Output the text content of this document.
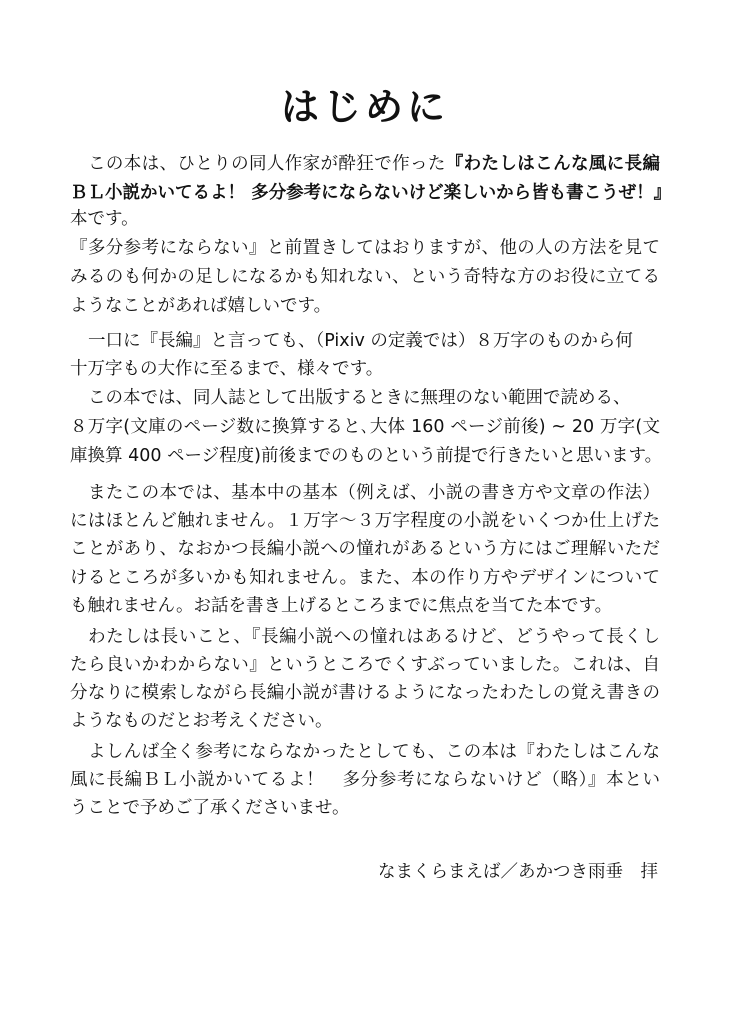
はじめに
この本は、ひとりの同人作家が酔狂で作った『わたしはこんな風に長編
ＢＬ小説かいてるよ！ 多分参考にならないけど楽しいから皆も書こうぜ！』
本です。
『多分参考にならない』と前置きしてはおりますが、他の人の方法を見て
みるのも何かの足しになるかも知れない、という奇特な方のお役に立てる
ようなことがあれば嬉しいです。
一口に『長編』と言っても、（Pixiv の定義では）８万字のものから何
十万字もの大作に至るまで、様々です。
この本では、同人誌として出版するときに無理のない範囲で読める、
８万字(文庫のページ数に換算すると､大体 160 ページ前後) ~ 20 万字(文
庫換算 400 ページ程度)前後までのものという前提で行きたいと思います。
またこの本では、基本中の基本（例えば、小説の書き方や文章の作法）
にはほとんど触れません。１万字～３万字程度の小説をいくつか仕上げた
ことがあり、なおかつ長編小説への憧れがあるという方にはご理解いただ
けるところが多いかも知れません。また、本の作り方やデザインについて
も触れません。お話を書き上げるところまでに焦点を当てた本です。
わたしは長いこと、『長編小説への憧れはあるけど、どうやって長くし
たら良いかわからない』というところでくすぶっていました。これは、自
分なりに模索しながら長編小説が書けるようになったわたしの覚え書きの
ようなものだとお考えください。
よしんば全く参考にならなかったとしても、この本は『わたしはこんな
風に長編ＢＬ小説かいてるよ！　多分参考にならないけど（略）』本とい
うことで予めご了承くださいませ。
なまくらまえば／あかつき雨垂　拝
